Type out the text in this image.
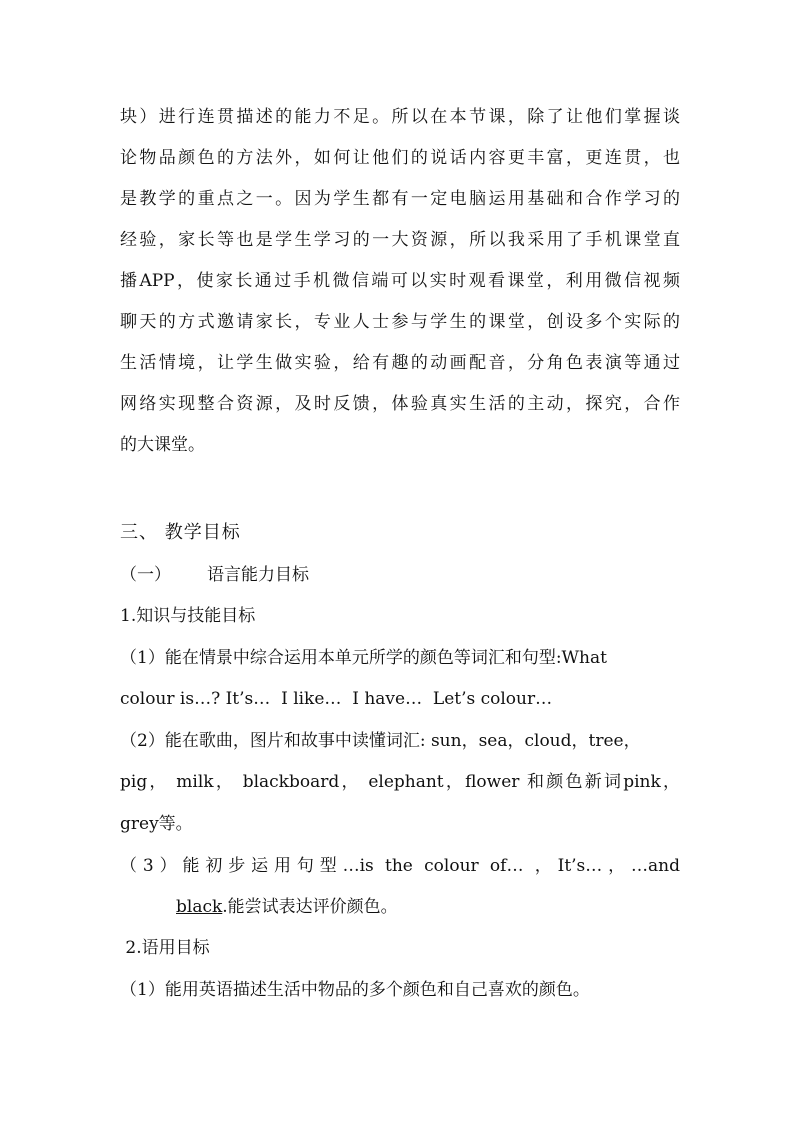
块）进行连贯描述的能力不足。所以在本节课，除了让他们掌握谈
论物品颜色的方法外，如何让他们的说话内容更丰富，更连贯，也
是教学的重点之一。因为学生都有一定电脑运用基础和合作学习的
经验，家长等也是学生学习的一大资源，所以我采用了手机课堂直
播APP，使家长通过手机微信端可以实时观看课堂，利用微信视频
聊天的方式邀请家长，专业人士参与学生的课堂，创设多个实际的
生活情境，让学生做实验，给有趣的动画配音，分角色表演等通过
网络实现整合资源，及时反馈，体验真实生活的主动，探究，合作
的大课堂。
三、 教学目标
（一） 语言能力目标
1.知识与技能目标
（1）能在情景中综合运用本单元所学的颜色等词汇和句型:What
colour is…? It’s…  I like…  I have…  Let’s colour…
（2）能在歌曲，图片和故事中读懂词汇: sun，sea，cloud，tree，
pig， milk， blackboard， elephant，flower 和颜色新词pink，
grey等。
（3）能初步运用句型…is the colour of… ，It’s…，…and
black.能尝试表达评价颜色。
2.语用目标
（1）能用英语描述生活中物品的多个颜色和自己喜欢的颜色。
